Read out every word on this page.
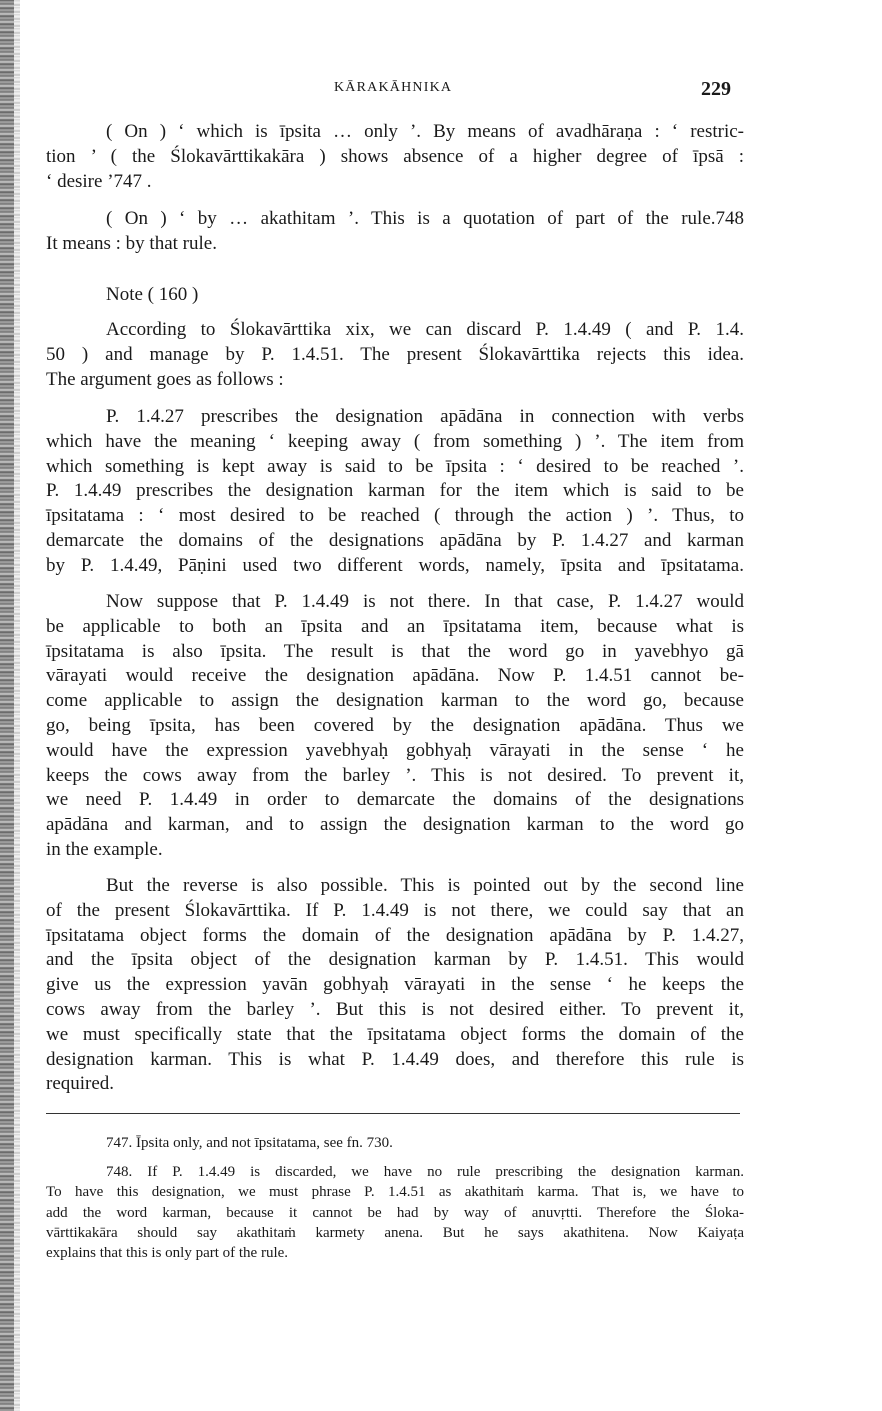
KĀRAKĀHNIKA	229
( On ) ‘ which is īpsita … only ’. By means of avadhāraṇa : ‘ restric-
tion ’ ( the Ślokavārttikakāra ) shows absence of a higher degree of īpsā :
‘ desire ’747 .
( On ) ‘ by … akathitam ’. This is a quotation of part of the rule.748
It means : by that rule.
Note ( 160 )
According to Ślokavārttika xix, we can discard P. 1.4.49 ( and P. 1.4.
50 ) and manage by P. 1.4.51. The present Ślokavārttika rejects this idea.
The argument goes as follows :
P. 1.4.27 prescribes the designation apādāna in connection with verbs
which have the meaning ‘ keeping away ( from something ) ’. The item from
which something is kept away is said to be īpsita : ‘ desired to be reached ’.
P. 1.4.49 prescribes the designation karman for the item which is said to be
īpsitatama : ‘ most desired to be reached ( through the action ) ’. Thus, to
demarcate the domains of the designations apādāna by P. 1.4.27 and karman
by P. 1.4.49, Pāṇini used two different words, namely, īpsita and īpsitatama.
Now suppose that P. 1.4.49 is not there. In that case, P. 1.4.27 would
be applicable to both an īpsita and an īpsitatama item, because what is
īpsitatama is also īpsita. The result is that the word go in yavebhyo gā
vārayati would receive the designation apādāna. Now P. 1.4.51 cannot be-
come applicable to assign the designation karman to the word go, because
go, being īpsita, has been covered by the designation apādāna. Thus we
would have the expression yavebhyaḥ gobhyaḥ vārayati in the sense ‘ he
keeps the cows away from the barley ’. This is not desired. To prevent it,
we need P. 1.4.49 in order to demarcate the domains of the designations
apādāna and karman, and to assign the designation karman to the word go
in the example.
But the reverse is also possible. This is pointed out by the second line
of the present Ślokavārttika. If P. 1.4.49 is not there, we could say that an
īpsitatama object forms the domain of the designation apādāna by P. 1.4.27,
and the īpsita object of the designation karman by P. 1.4.51. This would
give us the expression yavān gobhyaḥ vārayati in the sense ‘ he keeps the
cows away from the barley ’. But this is not desired either. To prevent it,
we must specifically state that the īpsitatama object forms the domain of the
designation karman. This is what P. 1.4.49 does, and therefore this rule is
required.
747. Īpsita only, and not īpsitatama, see fn. 730.
748. If P. 1.4.49 is discarded, we have no rule prescribing the designation karman.
To have this designation, we must phrase P. 1.4.51 as akathitaṁ karma. That is, we have to
add the word karman, because it cannot be had by way of anuvṛtti. Therefore the Śloka-
vārttikakāra should say akathitaṁ karmety anena. But he says akathitena. Now Kaiyaṭa
explains that this is only part of the rule.
